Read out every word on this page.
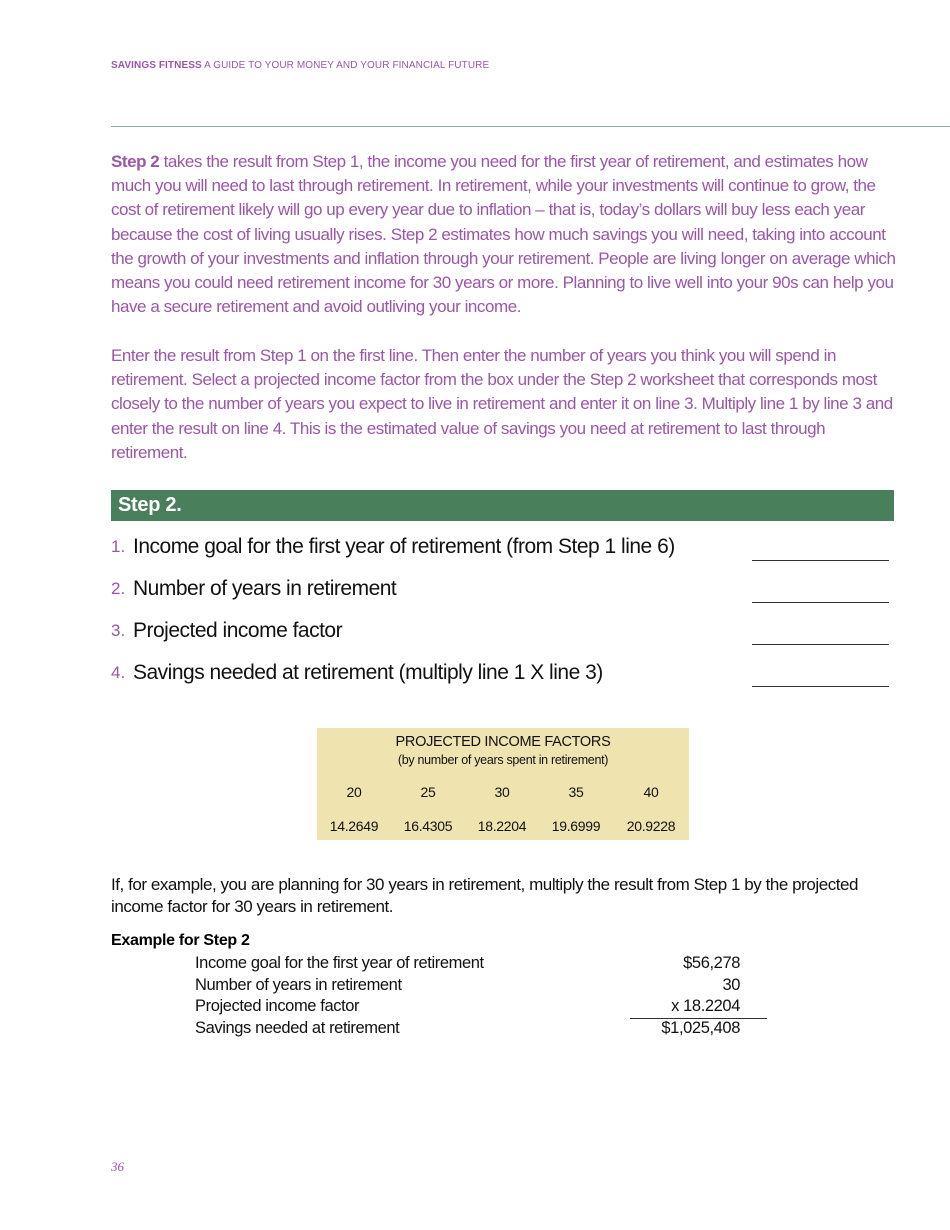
SAVINGS FITNESS A GUIDE TO YOUR MONEY AND YOUR FINANCIAL FUTURE

Step 2 takes the result from Step 1, the income you need for the first year of retirement, and estimates how much you will need to last through retirement. In retirement, while your investments will continue to grow, the cost of retirement likely will go up every year due to inflation – that is, today’s dollars will buy less each year because the cost of living usually rises. Step 2 estimates how much savings you will need, taking into account the growth of your investments and inflation through your retirement. People are living longer on average which means you could need retirement income for 30 years or more. Planning to live well into your 90s can help you have a secure retirement and avoid outliving your income.

Enter the result from Step 1 on the first line. Then enter the number of years you think you will spend in retirement. Select a projected income factor from the box under the Step 2 worksheet that corresponds most closely to the number of years you expect to live in retirement and enter it on line 3. Multiply line 1 by line 3 and enter the result on line 4. This is the estimated value of savings you need at retirement to last through retirement.

Step 2.
1. Income goal for the first year of retirement (from Step 1 line 6)
2. Number of years in retirement
3. Projected income factor
4. Savings needed at retirement (multiply line 1 X line 3)
PROJECTED INCOME FACTORS
(by number of years spent in retirement)
20	25	30	35	40
14.2649	16.4305	18.2204	19.6999	20.9228

If, for example, you are planning for 30 years in retirement, multiply the result from Step 1 by the projected income factor for 30 years in retirement.

Example for Step 2
Income goal for the first year of retirement	$56,278
Number of years in retirement	30
Projected income factor	x 18.2204
Savings needed at retirement	$1,025,408
36
